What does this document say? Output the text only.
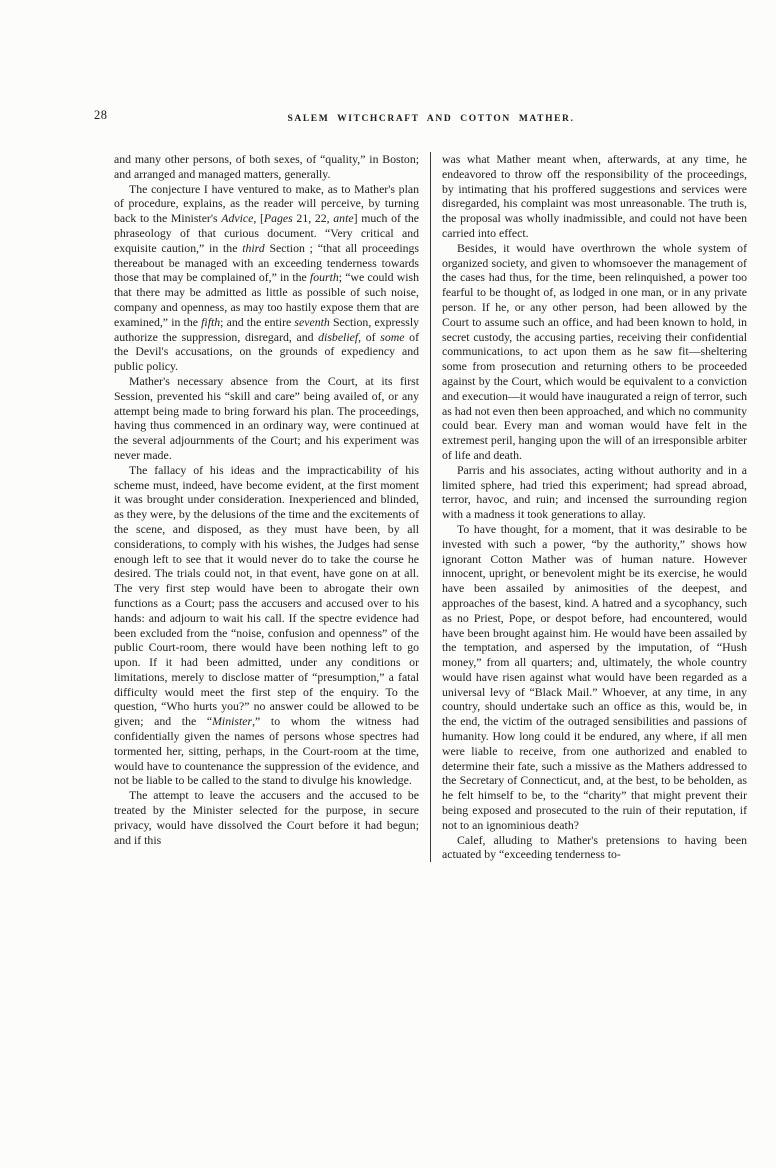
28	SALEM WITCHCRAFT AND COTTON MATHER.

and many other persons, of both sexes, of “quality,” in Boston; and arranged and managed matters, generally.

The conjecture I have ventured to make, as to Mather's plan of procedure, explains, as the reader will perceive, by turning back to the Minister's Advice, [Pages 21, 22, ante] much of the phraseology of that curious document. “Very critical and exquisite caution,” in the third Section ; “that all proceedings thereabout be managed with an exceeding tenderness towards those that may be complained of,” in the fourth; “we could wish that there may be admitted as little as possible of such noise, company and openness, as may too hastily expose them that are examined,” in the fifth; and the entire seventh Section, expressly authorize the suppression, disregard, and disbelief, of some of the Devil's accusations, on the grounds of expediency and public policy.

Mather's necessary absence from the Court, at its first Session, prevented his “skill and care” being availed of, or any attempt being made to bring forward his plan. The proceedings, having thus commenced in an ordinary way, were continued at the several adjournments of the Court; and his experiment was never made.

The fallacy of his ideas and the impracticability of his scheme must, indeed, have become evident, at the first moment it was brought under consideration. Inexperienced and blinded, as they were, by the delusions of the time and the excitements of the scene, and disposed, as they must have been, by all considerations, to comply with his wishes, the Judges had sense enough left to see that it would never do to take the course he desired. The trials could not, in that event, have gone on at all. The very first step would have been to abrogate their own functions as a Court; pass the accusers and accused over to his hands: and adjourn to wait his call. If the spectre evidence had been excluded from the “noise, confusion and openness” of the public Court-room, there would have been nothing left to go upon. If it had been admitted, under any conditions or limitations, merely to disclose matter of “presumption,” a fatal difficulty would meet the first step of the enquiry. To the question, “Who hurts you?” no answer could be allowed to be given; and the “Minister,” to whom the witness had confidentially given the names of persons whose spectres had tormented her, sitting, perhaps, in the Court-room at the time, would have to countenance the suppression of the evidence, and not be liable to be called to the stand to divulge his knowledge.

The attempt to leave the accusers and the accused to be treated by the Minister selected for the purpose, in secure privacy, would have dissolved the Court before it had begun; and if this

was what Mather meant when, afterwards, at any time, he endeavored to throw off the responsibility of the proceedings, by intimating that his proffered suggestions and services were disregarded, his complaint was most unreasonable. The truth is, the proposal was wholly inadmissible, and could not have been carried into effect.

Besides, it would have overthrown the whole system of organized society, and given to whomsoever the management of the cases had thus, for the time, been relinquished, a power too fearful to be thought of, as lodged in one man, or in any private person. If he, or any other person, had been allowed by the Court to assume such an office, and had been known to hold, in secret custody, the accusing parties, receiving their confidential communications, to act upon them as he saw fit—sheltering some from prosecution and returning others to be proceeded against by the Court, which would be equivalent to a conviction and execution—it would have inaugurated a reign of terror, such as had not even then been approached, and which no community could bear. Every man and woman would have felt in the extremest peril, hanging upon the will of an irresponsible arbiter of life and death.

Parris and his associates, acting without authority and in a limited sphere, had tried this experiment; had spread abroad, terror, havoc, and ruin; and incensed the surrounding region with a madness it took generations to allay.

To have thought, for a moment, that it was desirable to be invested with such a power, “by the authority,” shows how ignorant Cotton Mather was of human nature. However innocent, upright, or benevolent might be its exercise, he would have been assailed by animosities of the deepest, and approaches of the basest, kind. A hatred and a sycophancy, such as no Priest, Pope, or despot before, had encountered, would have been brought against him. He would have been assailed by the temptation, and aspersed by the imputation, of “Hush money,” from all quarters; and, ultimately, the whole country would have risen against what would have been regarded as a universal levy of “Black Mail.” Whoever, at any time, in any country, should undertake such an office as this, would be, in the end, the victim of the outraged sensibilities and passions of humanity. How long could it be endured, any where, if all men were liable to receive, from one authorized and enabled to determine their fate, such a missive as the Mathers addressed to the Secretary of Connecticut, and, at the best, to be beholden, as he felt himself to be, to the “charity” that might prevent their being exposed and prosecuted to the ruin of their reputation, if not to an ignominious death?

Calef, alluding to Mather's pretensions to having been actuated by “exceeding tenderness to-
